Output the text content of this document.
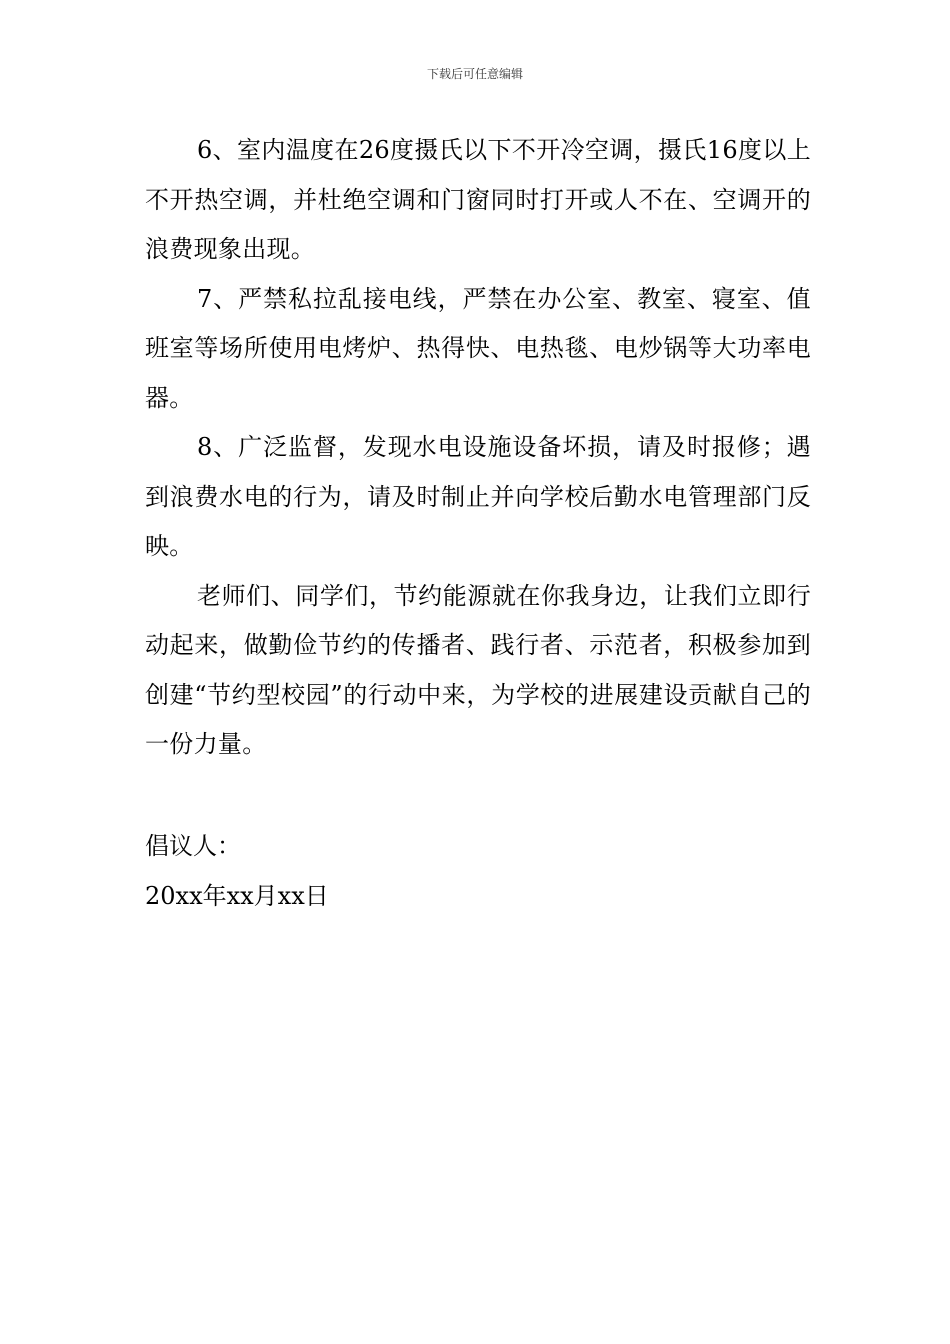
下载后可任意编辑

6、室内温度在26度摄氏以下不开冷空调，摄氏16度以上不开热空调，并杜绝空调和门窗同时打开或人不在、空调开的浪费现象出现。

7、严禁私拉乱接电线，严禁在办公室、教室、寝室、值班室等场所使用电烤炉、热得快、电热毯、电炒锅等大功率电器。

8、广泛监督，发现水电设施设备坏损，请及时报修；遇到浪费水电的行为，请及时制止并向学校后勤水电管理部门反映。

老师们、同学们，节约能源就在你我身边，让我们立即行动起来，做勤俭节约的传播者、践行者、示范者，积极参加到创建“节约型校园”的行动中来，为学校的进展建设贡献自己的一份力量。

倡议人：
20xx年xx月xx日
